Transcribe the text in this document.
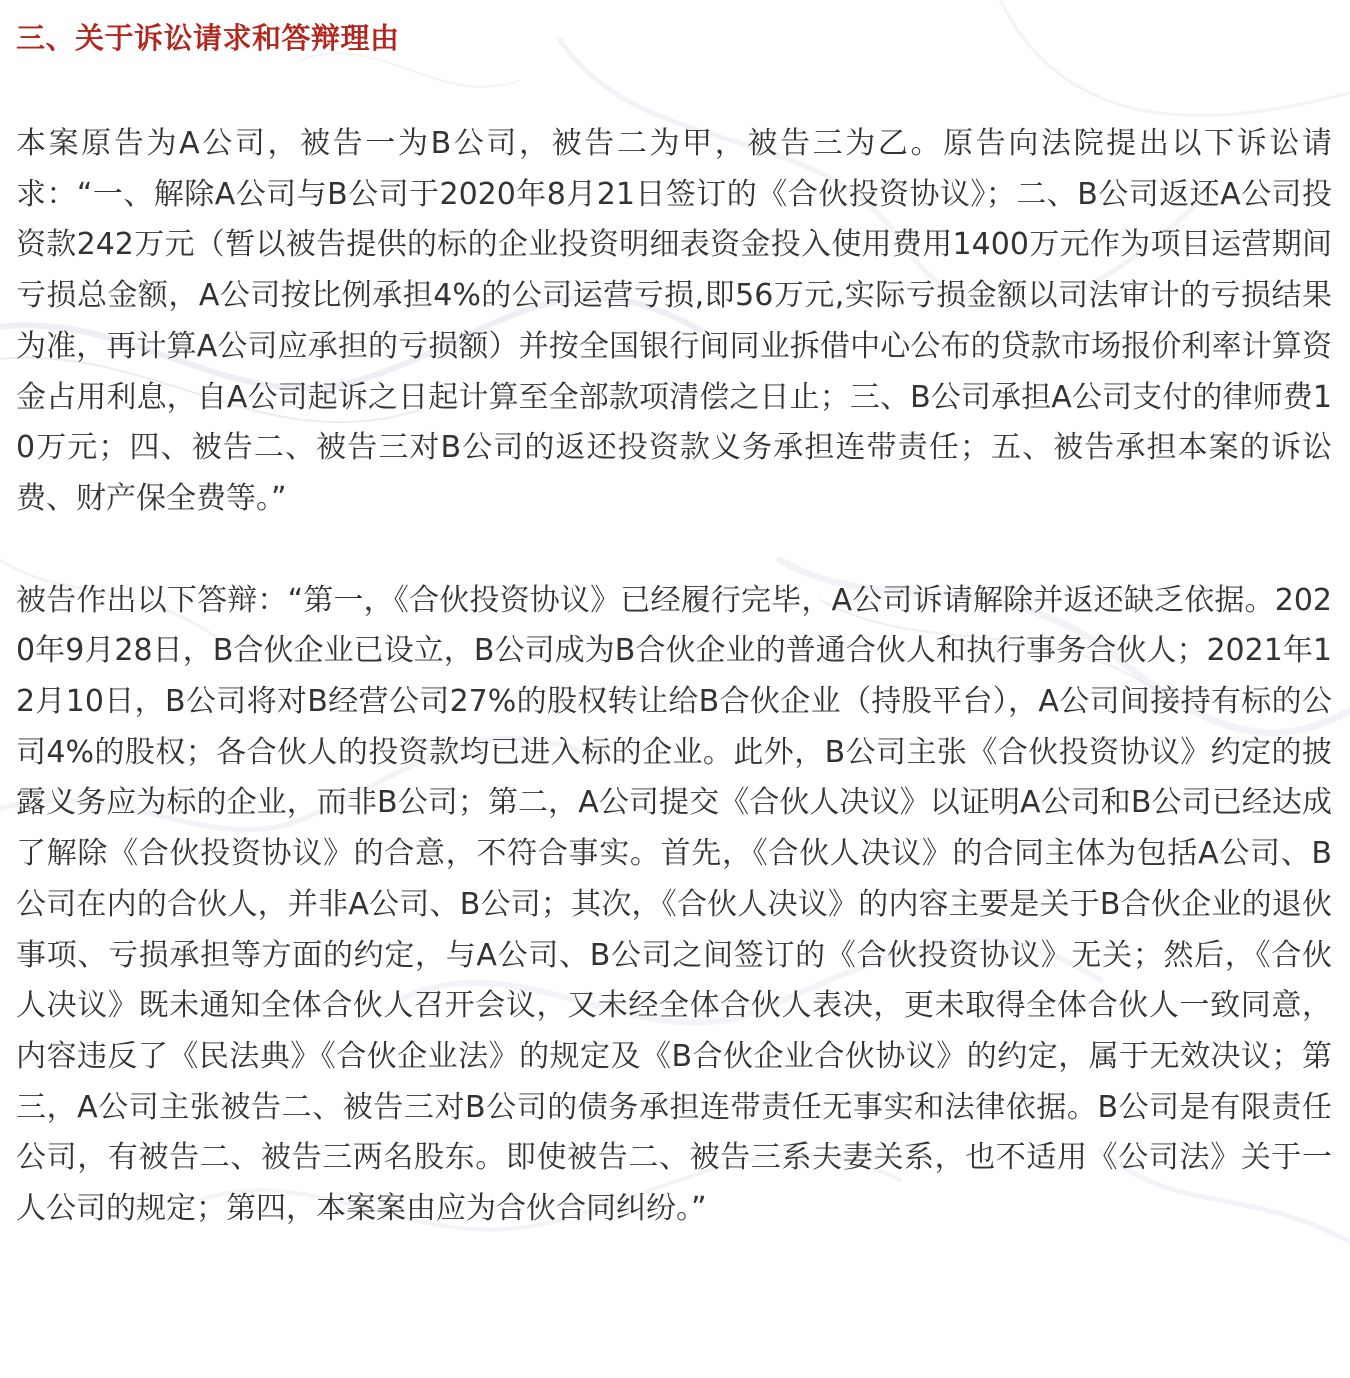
三、关于诉讼请求和答辩理由

本案原告为A公司，被告一为B公司，被告二为甲，被告三为乙。原告向法院提出以下诉讼请求：“一、解除A公司与B公司于2020年8月21日签订的《合伙投资协议》；二、B公司返还A公司投资款242万元（暂以被告提供的标的企业投资明细表资金投入使用费用1400万元作为项目运营期间亏损总金额，A公司按比例承担4%的公司运营亏损,即56万元,实际亏损金额以司法审计的亏损结果为准，再计算A公司应承担的亏损额）并按全国银行间同业拆借中心公布的贷款市场报价利率计算资金占用利息，自A公司起诉之日起计算至全部款项清偿之日止；三、B公司承担A公司支付的律师费10万元；四、被告二、被告三对B公司的返还投资款义务承担连带责任；五、被告承担本案的诉讼费、财产保全费等。”

被告作出以下答辩：“第一，《合伙投资协议》已经履行完毕，A公司诉请解除并返还缺乏依据。2020年9月28日，B合伙企业已设立，B公司成为B合伙企业的普通合伙人和执行事务合伙人；2021年12月10日，B公司将对B经营公司27%的股权转让给B合伙企业（持股平台），A公司间接持有标的公司4%的股权；各合伙人的投资款均已进入标的企业。此外，B公司主张《合伙投资协议》约定的披露义务应为标的企业，而非B公司；第二，A公司提交《合伙人决议》以证明A公司和B公司已经达成了解除《合伙投资协议》的合意，不符合事实。首先，《合伙人决议》的合同主体为包括A公司、B公司在内的合伙人，并非A公司、B公司；其次，《合伙人决议》的内容主要是关于B合伙企业的退伙事项、亏损承担等方面的约定，与A公司、B公司之间签订的《合伙投资协议》无关；然后，《合伙人决议》既未通知全体合伙人召开会议，又未经全体合伙人表决，更未取得全体合伙人一致同意，内容违反了《民法典》《合伙企业法》的规定及《B合伙企业合伙协议》的约定，属于无效决议；第三，A公司主张被告二、被告三对B公司的债务承担连带责任无事实和法律依据。B公司是有限责任公司，有被告二、被告三两名股东。即使被告二、被告三系夫妻关系，也不适用《公司法》关于一人公司的规定；第四，本案案由应为合伙合同纠纷。”
